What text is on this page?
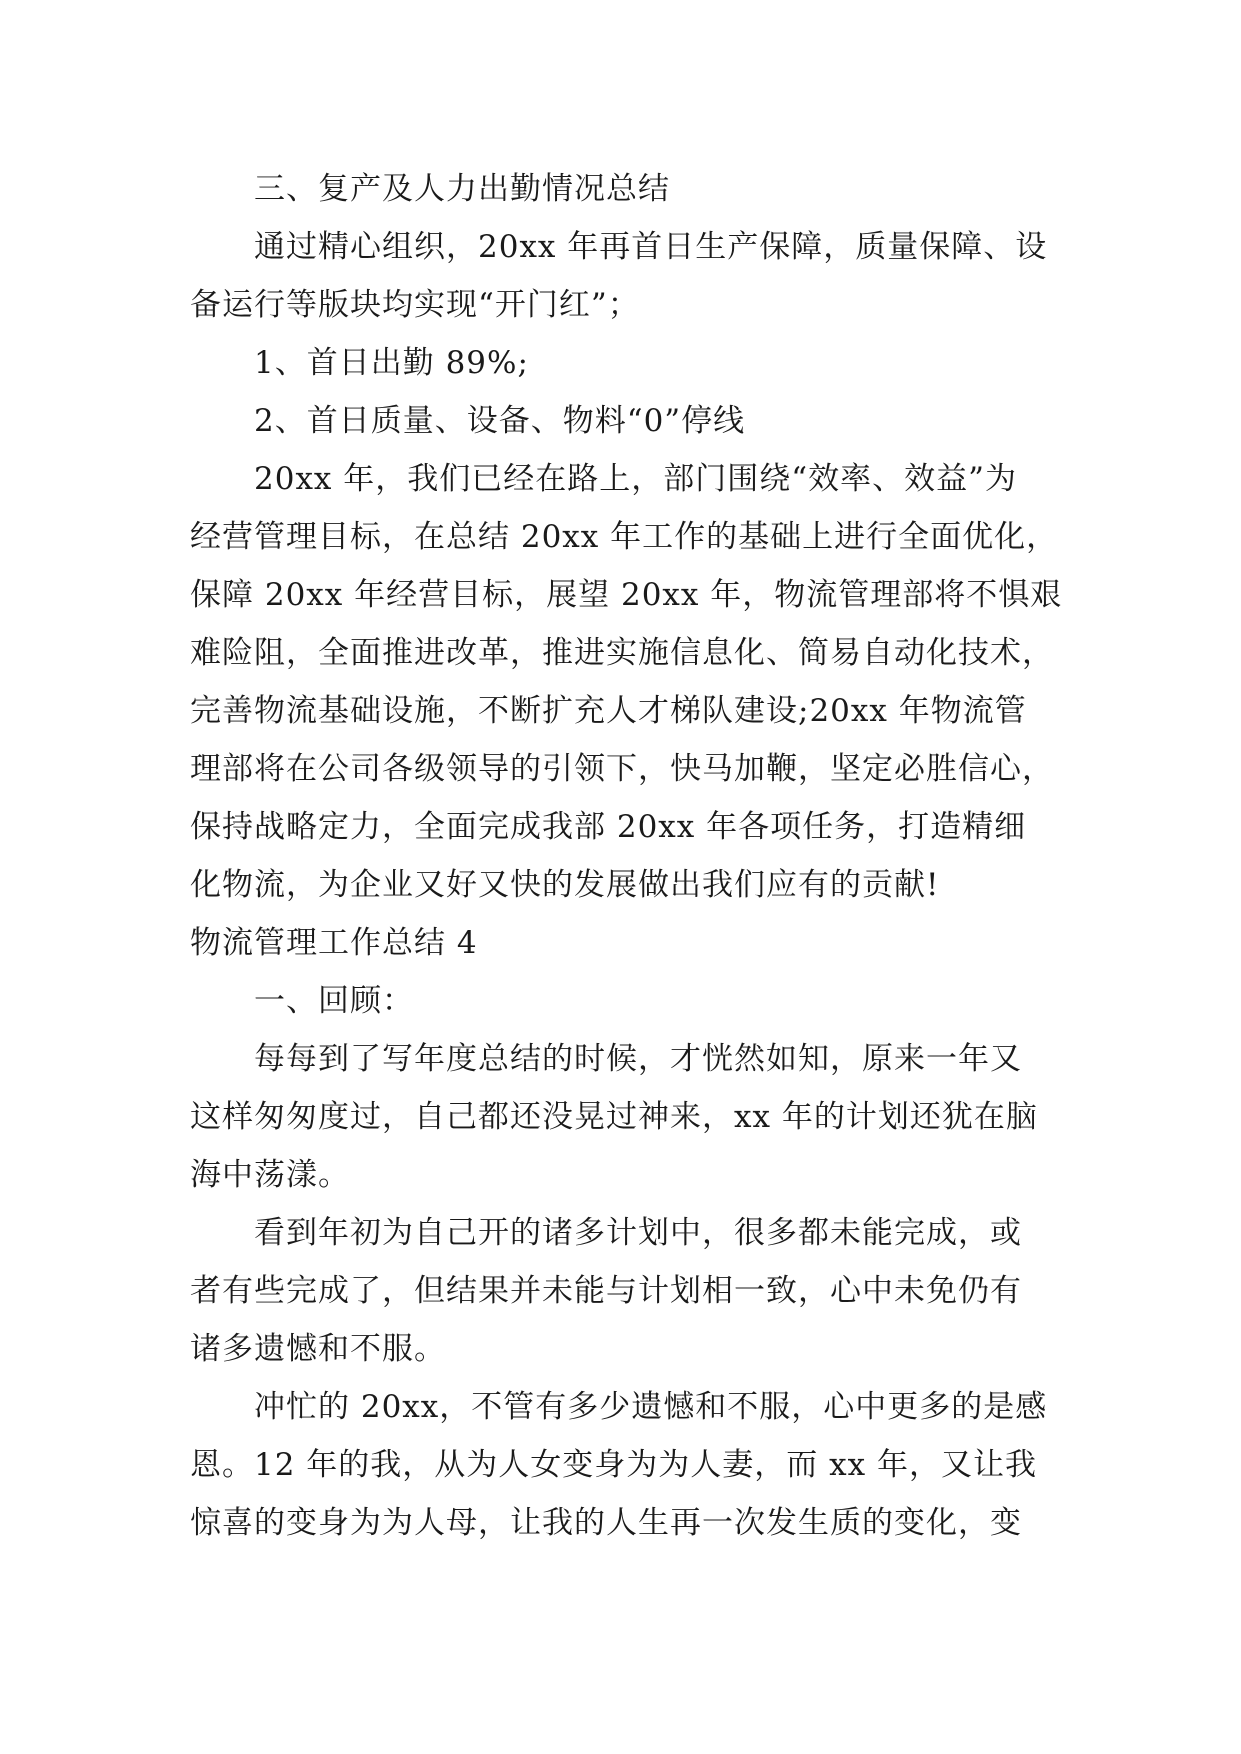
三、复产及人力出勤情况总结
通过精心组织，20xx 年再首日生产保障，质量保障、设
备运行等版块均实现“开门红”；
1、首日出勤 89%;
2、首日质量、设备、物料“0”停线
20xx 年，我们已经在路上，部门围绕“效率、效益”为
经营管理目标，在总结 20xx 年工作的基础上进行全面优化，
保障 20xx 年经营目标，展望 20xx 年，物流管理部将不惧艰
难险阻，全面推进改革，推进实施信息化、简易自动化技术，
完善物流基础设施，不断扩充人才梯队建设;20xx 年物流管
理部将在公司各级领导的引领下，快马加鞭，坚定必胜信心，
保持战略定力，全面完成我部 20xx 年各项任务，打造精细
化物流，为企业又好又快的发展做出我们应有的贡献!
物流管理工作总结 4
一、回顾：
每每到了写年度总结的时候，才恍然如知，原来一年又
这样匆匆度过，自己都还没晃过神来，xx 年的计划还犹在脑
海中荡漾。
看到年初为自己开的诸多计划中，很多都未能完成，或
者有些完成了，但结果并未能与计划相一致，心中未免仍有
诸多遗憾和不服。
冲忙的 20xx，不管有多少遗憾和不服，心中更多的是感
恩。12 年的我，从为人女变身为为人妻，而 xx 年，又让我
惊喜的变身为为人母，让我的人生再一次发生质的变化，变
